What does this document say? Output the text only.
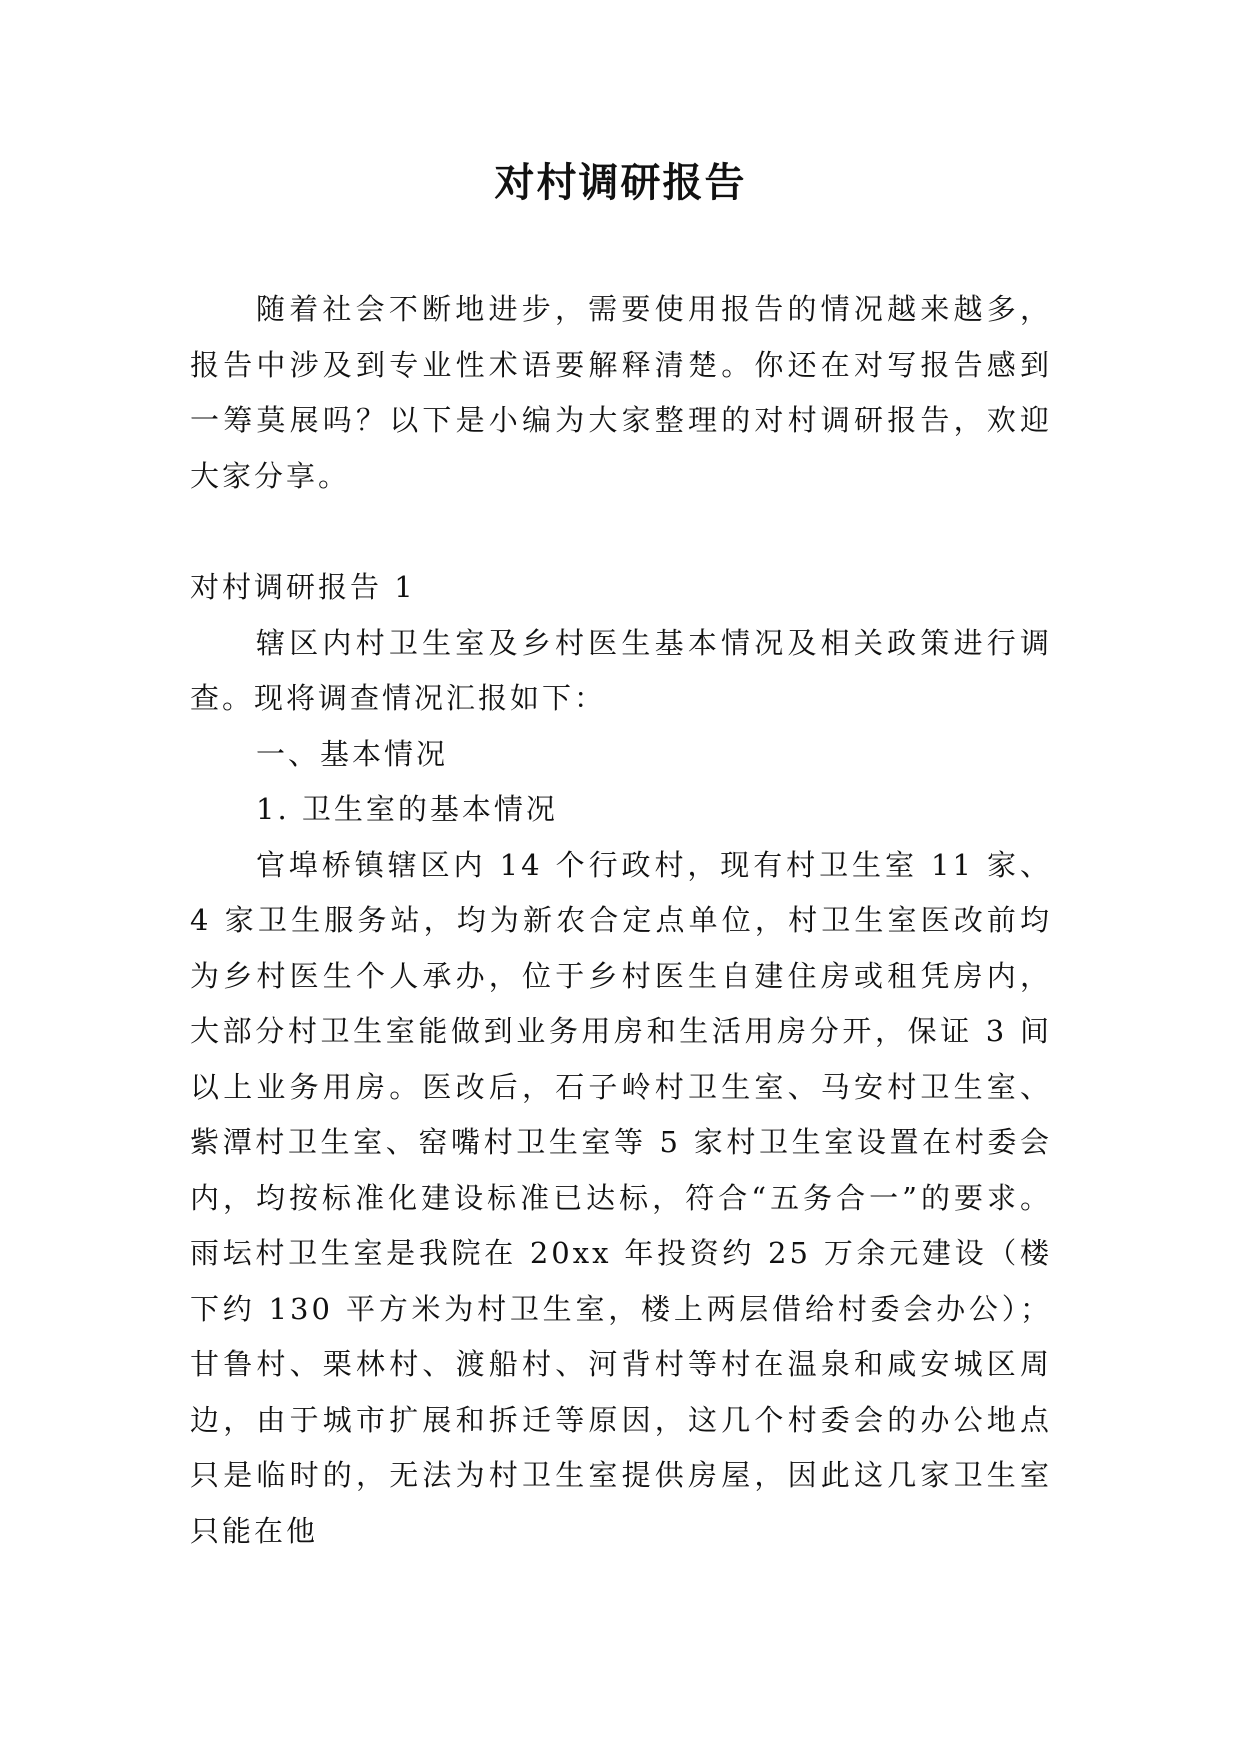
对村调研报告

随着社会不断地进步，需要使用报告的情况越来越多，报告中涉及到专业性术语要解释清楚。你还在对写报告感到一筹莫展吗？以下是小编为大家整理的对村调研报告，欢迎大家分享。

对村调研报告 1

辖区内村卫生室及乡村医生基本情况及相关政策进行调查。现将调查情况汇报如下：

一、基本情况

1. 卫生室的基本情况

官埠桥镇辖区内 14 个行政村，现有村卫生室 11 家、4 家卫生服务站，均为新农合定点单位，村卫生室医改前均为乡村医生个人承办，位于乡村医生自建住房或租凭房内，大部分村卫生室能做到业务用房和生活用房分开，保证 3 间以上业务用房。医改后，石子岭村卫生室、马安村卫生室、紫潭村卫生室、窑嘴村卫生室等 5 家村卫生室设置在村委会内，均按标准化建设标准已达标，符合“五务合一”的要求。雨坛村卫生室是我院在 20xx 年投资约 25 万余元建设（楼下约 130 平方米为村卫生室，楼上两层借给村委会办公）；甘鲁村、栗林村、渡船村、河背村等村在温泉和咸安城区周边，由于城市扩展和拆迁等原因，这几个村委会的办公地点只是临时的，无法为村卫生室提供房屋，因此这几家卫生室只能在他
